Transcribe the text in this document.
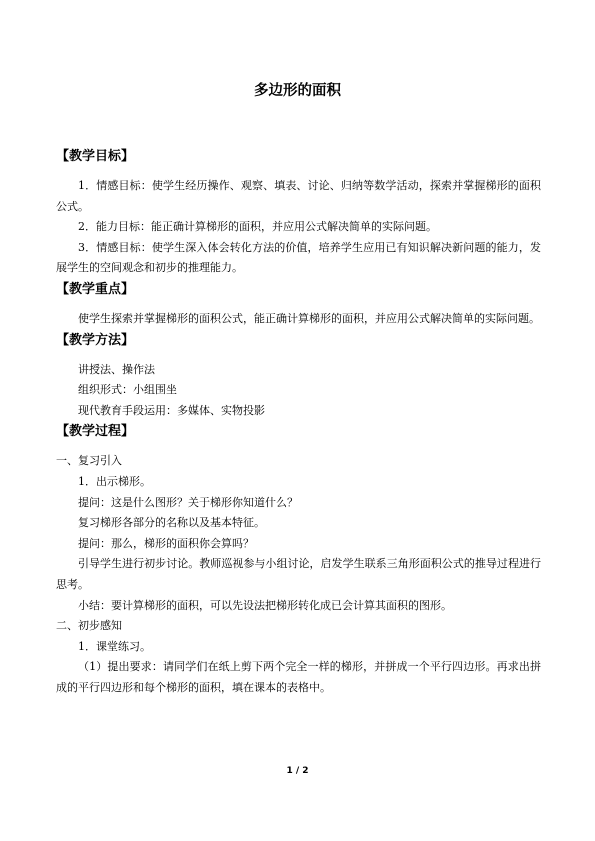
多边形的面积
【教学目标】

1．情感目标：使学生经历操作、观察、填表、讨论、归纳等数学活动，探索并掌握梯形的面积公式。

2．能力目标：能正确计算梯形的面积，并应用公式解决简单的实际问题。

3．情感目标：使学生深入体会转化方法的价值，培养学生应用已有知识解决新问题的能力，发展学生的空间观念和初步的推理能力。

【教学重点】

使学生探索并掌握梯形的面积公式，能正确计算梯形的面积，并应用公式解决简单的实际问题。

【教学方法】

讲授法、操作法

组织形式：小组围坐

现代教育手段运用：多媒体、实物投影

【教学过程】

一、复习引入

1．出示梯形。

提问：这是什么图形？关于梯形你知道什么？

复习梯形各部分的名称以及基本特征。

提问：那么，梯形的面积你会算吗？

引导学生进行初步讨论。教师巡视参与小组讨论，启发学生联系三角形面积公式的推导过程进行思考。

小结：要计算梯形的面积，可以先设法把梯形转化成已会计算其面积的图形。

二、初步感知

1．课堂练习。

（1）提出要求：请同学们在纸上剪下两个完全一样的梯形，并拼成一个平行四边形。再求出拼成的平行四边形和每个梯形的面积，填在课本的表格中。

1 / 2
